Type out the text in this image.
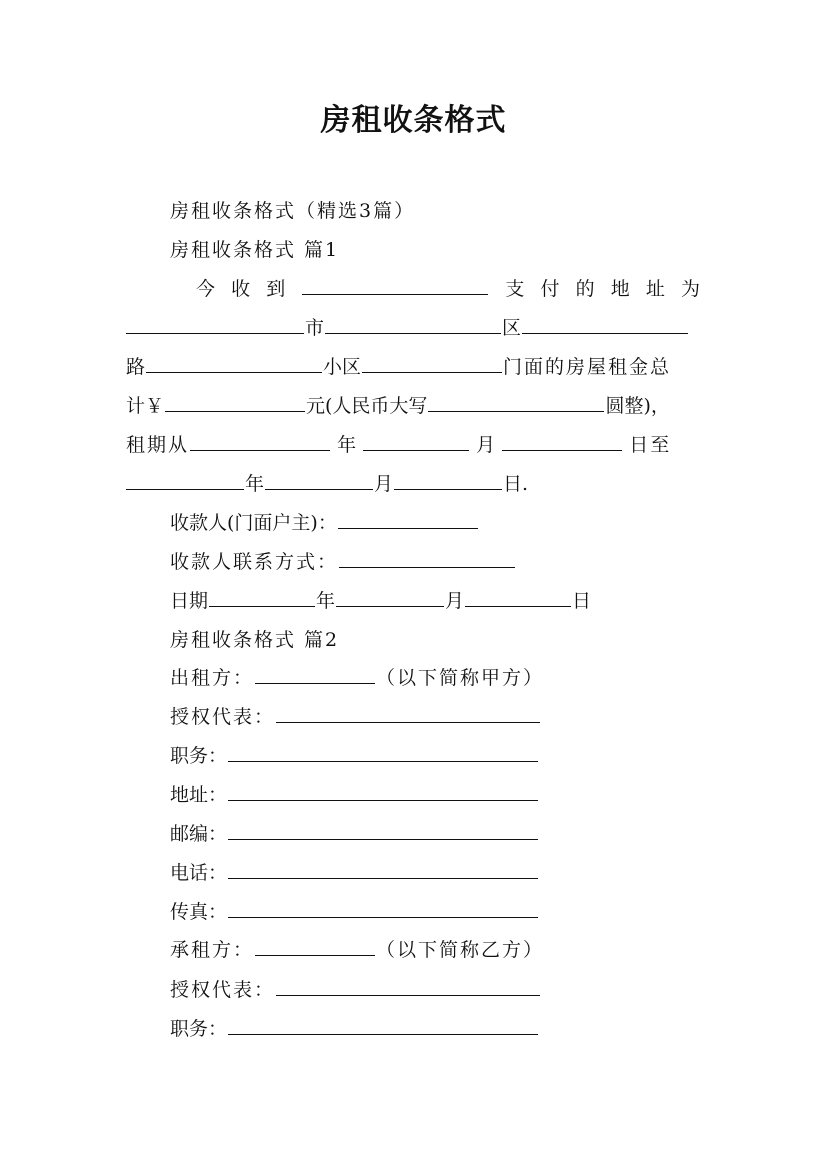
房租收条格式
房租收条格式（精选3篇）
房租收条格式 篇1
今 收 到	支 付 的 地 址 为
市	区
路	小区	门面的房屋租金总
计￥	元(人民币大写	圆整)，
租期从	年	月	日至
年	月	日.
收款人(门面户主)：
收款人联系方式：
日期	年	月	日
房租收条格式 篇2
出租方：	（以下简称甲方）
授权代表：
职务：
地址：
邮编：
电话：
传真：
承租方：	（以下简称乙方）
授权代表：
职务：
